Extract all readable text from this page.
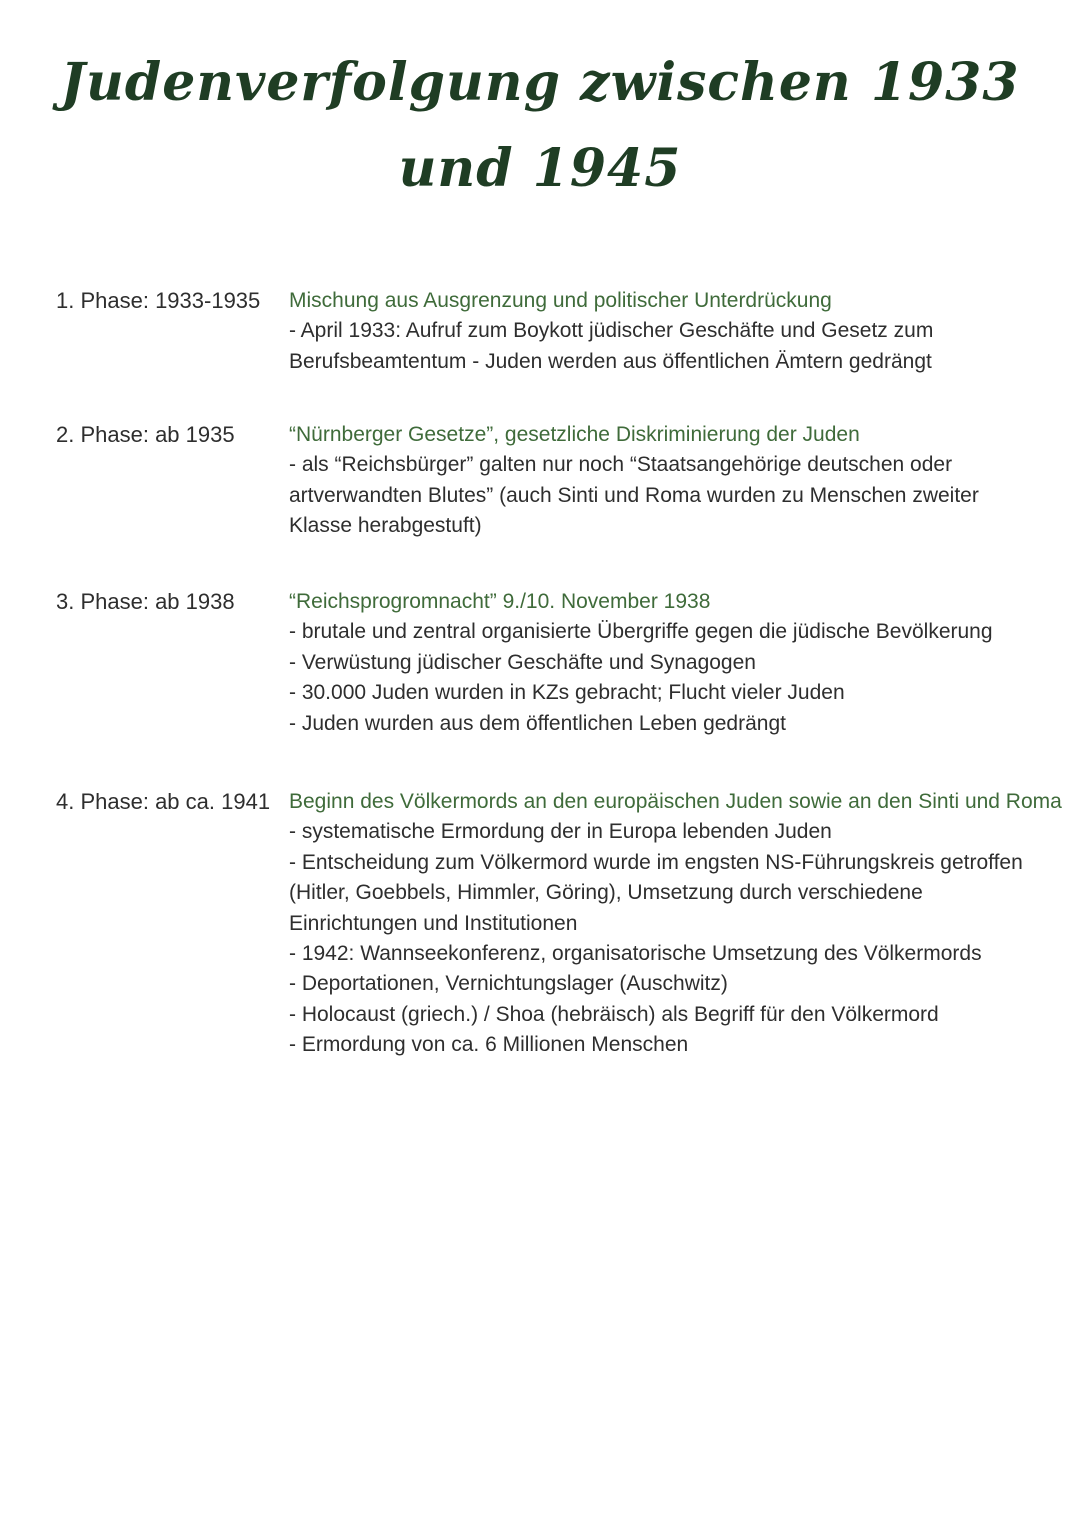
Judenverfolgung zwischen 1933
und 1945
1. Phase: 1933-1935 Mischung aus Ausgrenzung und politischer Unterdrückung
- April 1933: Aufruf zum Boykott jüdischer Geschäfte und Gesetz zum Berufsbeamtentum - Juden werden aus öffentlichen Ämtern gedrängt
2. Phase: ab 1935	“Nürnberger Gesetze”, gesetzliche Diskriminierung der Juden
- als “Reichsbürger” galten nur noch “Staatsangehörige deutschen oder artverwandten Blutes” (auch Sinti und Roma wurden zu Menschen zweiter Klasse herabgestuft)
3. Phase: ab 1938	“Reichsprogromnacht” 9./10. November 1938
- brutale und zentral organisierte Übergriffe gegen die jüdische Bevölkerung
- Verwüstung jüdischer Geschäfte und Synagogen
- 30.000 Juden wurden in KZs gebracht; Flucht vieler Juden
- Juden wurden aus dem öffentlichen Leben gedrängt
4. Phase: ab ca. 1941 Beginn des Völkermords an den europäischen Juden sowie an den Sinti und Roma
- systematische Ermordung der in Europa lebenden Juden
- Entscheidung zum Völkermord wurde im engsten NS-Führungskreis getroffen (Hitler, Goebbels, Himmler, Göring), Umsetzung durch verschiedene Einrichtungen und Institutionen
- 1942: Wannseekonferenz, organisatorische Umsetzung des Völkermords
- Deportationen, Vernichtungslager (Auschwitz)
- Holocaust (griech.) / Shoa (hebräisch) als Begriff für den Völkermord
- Ermordung von ca. 6 Millionen Menschen
